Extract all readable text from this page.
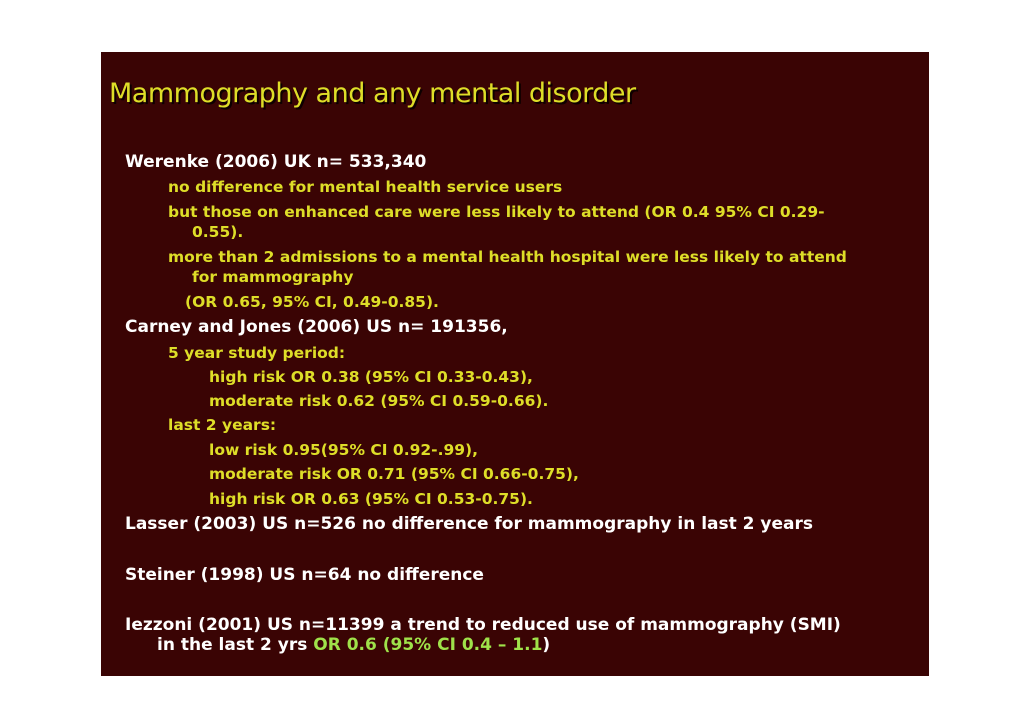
Mammography and any mental disorder
Werenke (2006) UK n= 533,340
no difference for mental health service users
but those on enhanced care were less likely to attend (OR 0.4 95% CI 0.29-
0.55).
more than 2 admissions to a mental health hospital were less likely to attend
for mammography
(OR 0.65, 95% CI, 0.49-0.85).
Carney and Jones (2006) US n= 191356,
5 year study period:
high risk OR 0.38 (95% CI 0.33-0.43),
moderate risk 0.62 (95% CI 0.59-0.66).
last 2 years:
low risk 0.95(95% CI 0.92-.99),
moderate risk OR 0.71 (95% CI 0.66-0.75),
high risk OR 0.63 (95% CI 0.53-0.75).
Lasser (2003) US n=526 no difference for mammography in last 2 years
Steiner (1998) US n=64 no difference
Iezzoni (2001) US n=11399 a trend to reduced use of mammography (SMI)
in the last 2 yrs OR 0.6 (95% CI 0.4 – 1.1)
